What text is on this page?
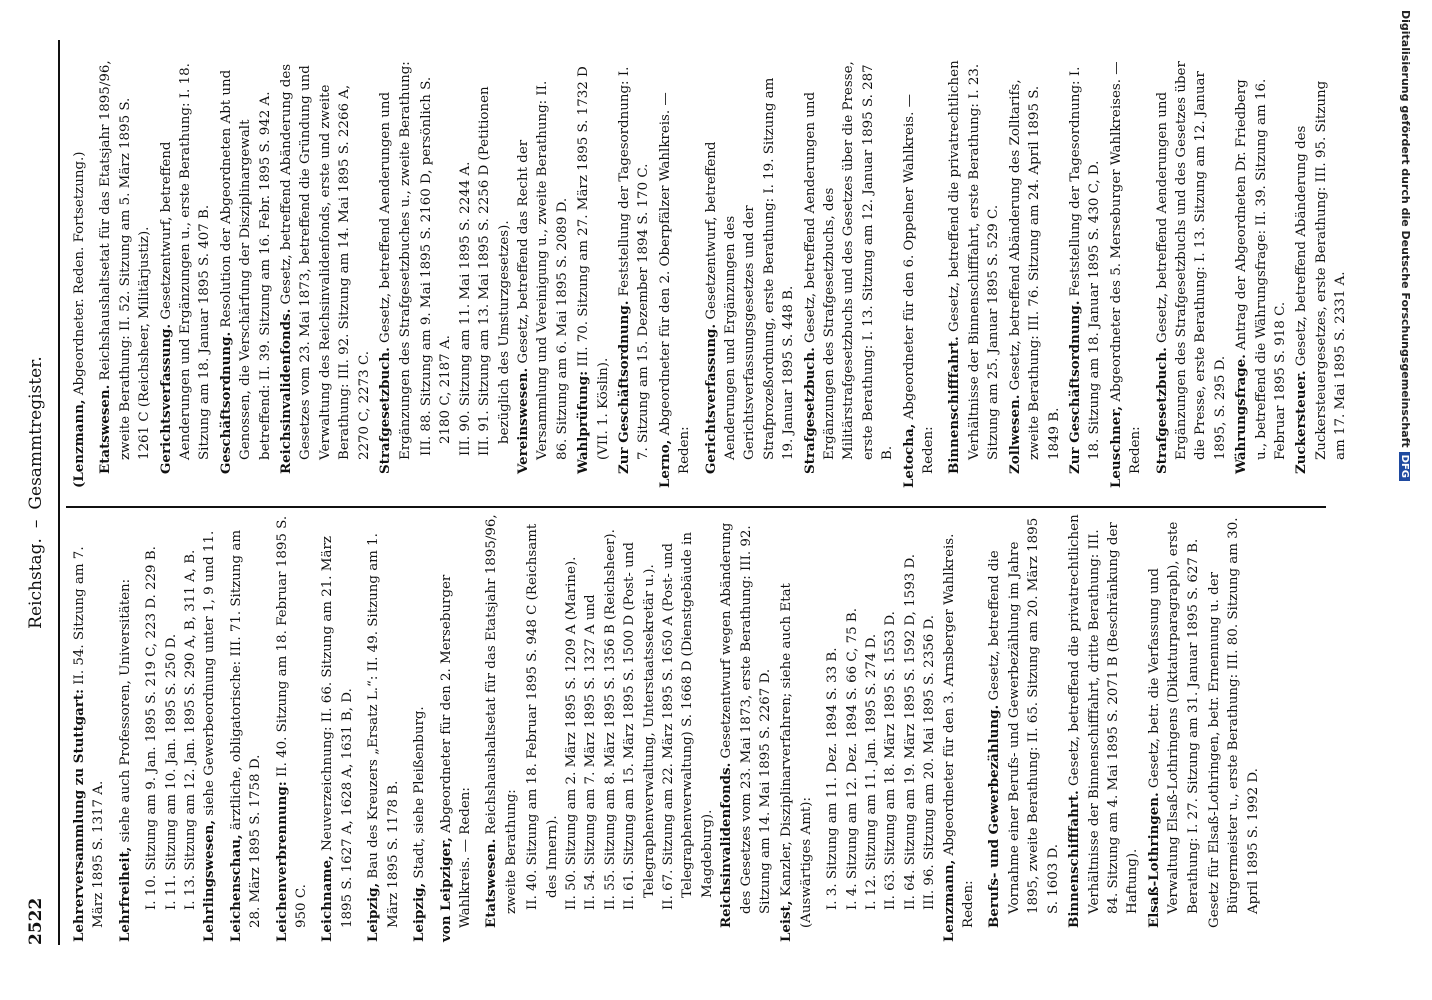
2522
Reichstag.–Gesammtregister.
Lehrerversammlung zu Stuttgart: II. 54. Sitzung am 7. März 1895 S. 1317 A. Lehrfreiheit, siehe auch Professoren, Universitäten: I. 10. Sitzung am 9. Jan. 1895 S. 219 C, 223 D. 229 B. I. 11. Sitzung am 10. Jan. 1895 S. 250 D. I. 13. Sitzung am 12. Jan. 1895 S. 290 A, B, 311 A, B. Lehrlingswesen, siehe Gewerbeordnung unter 1, 9 und 11.
Leichenschau, ärztliche, obligatorische: III. 71. Sitzung am 28. März 1895 S. 1758 D. Leichenverbrennung: II. 40. Sitzung am 18. Februar 1895 S. 950 C. Leichname, Neuverzeichnung: II. 66. Sitzung am 21. März 1895 S. 1627 A, 1628 A, 1631 B, D. Leipzig, Bau des Kreuzers „Ersatz L.“: II. 49. Sitzung am 1. März 1895 S. 1178 B. Leipzig, Stadt, siehe Pleißenburg.
von Leipziger, Abgeordneter für den 2. Merseburger Wahlkreis. — Reden: Etatswesen. Reichshaushaltsetat für das Etatsjahr 1895/96, zweite Berathung: II. 40. Sitzung am 18. Februar 1895 S. 948 C (Reichsamt des Innern). II. 50. Sitzung am 2. März 1895 S. 1209 A (Marine). II. 54. Sitzung am 7. März 1895 S. 1327 A und II. 55. Sitzung am 8. März 1895 S. 1356 B (Reichsheer). II. 61. Sitzung am 15. März 1895 S. 1500 D (Post- und Telegraphenverwaltung, Unterstaatssekretär u.). II. 67. Sitzung am 22. März 1895 S. 1650 A (Post- und Telegraphenverwaltung) S. 1668 D (Dienstgebäude in Magdeburg). Reichsinvalidenfonds. Gesetzentwurf wegen Abänderung des Gesetzes vom 23. Mai 1873, erste Berathung: III. 92. Sitzung am 14. Mai 1895 S. 2267 D.
Leist, Kanzler, Disziplinarverfahren; siehe auch Etat (Auswärtiges Amt): I. 3. Sitzung am 11. Dez. 1894 S. 33 B. I. 4. Sitzung am 12. Dez. 1894 S. 66 C, 75 B. I. 12. Sitzung am 11. Jan. 1895 S. 274 D. II. 63. Sitzung am 18. März 1895 S. 1553 D. II. 64. Sitzung am 19. März 1895 S. 1592 D, 1593 D. III. 96. Sitzung am 20. Mai 1895 S. 2356 D. Lenzmann, Abgeordneter für den 3. Arnsberger Wahlkreis. Reden: Berufs- und Gewerbezählung. Gesetz, betreffend die Vornahme einer Berufs- und Gewerbezählung im Jahre 1895, zweite Berathung: II. 65. Sitzung am 20. März 1895 S. 1603 D. Binnenschifffahrt. Gesetz, betreffend die privatrechtlichen Verhältnisse der Binnenschifffahrt, dritte Berathung: III. 84. Sitzung am 4. Mai 1895 S. 2071 B (Beschränkung der Haftung). Elsaß-Lothringen. Gesetz, betr. die Verfassung und Verwaltung Elsaß-Lothringens (Diktaturparagraph), erste Berathung: I. 27. Sitzung am 31. Januar 1895 S. 627 B. Gesetz für Elsaß-Lothringen, betr. Ernennung u. der Bürgermeister u., erste Berathung: III. 80. Sitzung am 30. April 1895 S. 1992 D.
(Lenzmann, Abgeordneter. Reden. Fortsetzung.)
Etatswesen. Reichshaushaltsetat für das Etatsjahr 1895/96, zweite Berathung: II. 52. Sitzung am 5. März 1895 S. 1261 C (Reichsheer, Militärjustiz). Gerichtsverfassung. Gesetzentwurf, betreffend Aenderungen und Ergänzungen u., erste Berathung: I. 18. Sitzung am 18. Januar 1895 S. 407 B. Geschäftsordnung. Resolution der Abgeordneten Abt und Genossen, die Verschärfung der Disziplinargewalt betreffend: II. 39. Sitzung am 16. Febr. 1895 S. 942 A. Reichsinvalidenfonds. Gesetz, betreffend Abänderung des Gesetzes vom 23. Mai 1873, betreffend die Gründung und Verwaltung des Reichsinvalidenfonds, erste und zweite Berathung: III. 92. Sitzung am 14. Mai 1895 S. 2266 A, 2270 C, 2273 C. Strafgesetzbuch. Gesetz, betreffend Aenderungen und Ergänzungen des Strafgesetzbuches u., zweite Berathung: III. 88. Sitzung am 9. Mai 1895 S. 2160 D, persönlich S. 2180 C, 2187 A. III. 90. Sitzung am 11. Mai 1895 S. 2244 A. III. 91. Sitzung am 13. Mai 1895 S. 2256 D (Petitionen bezüglich des Umsturzgesetzes). Vereinswesen. Gesetz, betreffend das Recht der Versammlung und Vereinigung u., zweite Berathung: II. 86. Sitzung am 6. Mai 1895 S. 2089 D. Wahlprüfung: III. 70. Sitzung am 27. März 1895 S. 1732 D (VII. 1. Köslin). Zur Geschäftsordnung. Feststellung der Tagesordnung: I. 7. Sitzung am 15. Dezember 1894 S. 170 C.
Lerno, Abgeordneter für den 2. Oberpfälzer Wahlkreis. — Reden: Gerichtsverfassung. Gesetzentwurf, betreffend Aenderungen und Ergänzungen des Gerichtsverfassungsgesetzes und der Strafprozeßordnung, erste Berathung: I. 19. Sitzung am 19. Januar 1895 S. 448 B. Strafgesetzbuch. Gesetz, betreffend Aenderungen und Ergänzungen des Strafgesetzbuchs, des Militärstrafgesetzbuchs und des Gesetzes über die Presse, erste Berathung: I. 13. Sitzung am 12. Januar 1895 S. 287 B. Letocha, Abgeordneter für den 6. Oppelner Wahlkreis. — Reden: Binnenschifffahrt. Gesetz, betreffend die privatrechtlichen Verhältnisse der Binnenschifffahrt, erste Berathung: I. 23. Sitzung am 25. Januar 1895 S. 529 C. Zollwesen. Gesetz, betreffend Abänderung des Zolltarifs, zweite Berathung: III. 76. Sitzung am 24. April 1895 S. 1849 B. Zur Geschäftsordnung. Feststellung der Tagesordnung: I. 18. Sitzung am 18. Januar 1895 S. 430 C, D. Leuschner, Abgeordneter des 5. Merseburger Wahlkreises. — Reden: Strafgesetzbuch. Gesetz, betreffend Aenderungen und Ergänzungen des Strafgesetzbuchs und des Gesetzes über die Presse, erste Berathung: I. 13. Sitzung am 12. Januar 1895, S. 295 D. Währungsfrage. Antrag der Abgeordneten Dr. Friedberg u., betreffend die Währungsfrage: II. 39. Sitzung am 16. Februar 1895 S. 918 C. Zuckersteuer. Gesetz, betreffend Abänderung des Zuckersteuergesetzes, erste Berathung: III. 95. Sitzung am 17. Mai 1895 S. 2331 A.	Digitalisierung gefördert durch die Deutsche ForschungsgemeinschaftDFG
